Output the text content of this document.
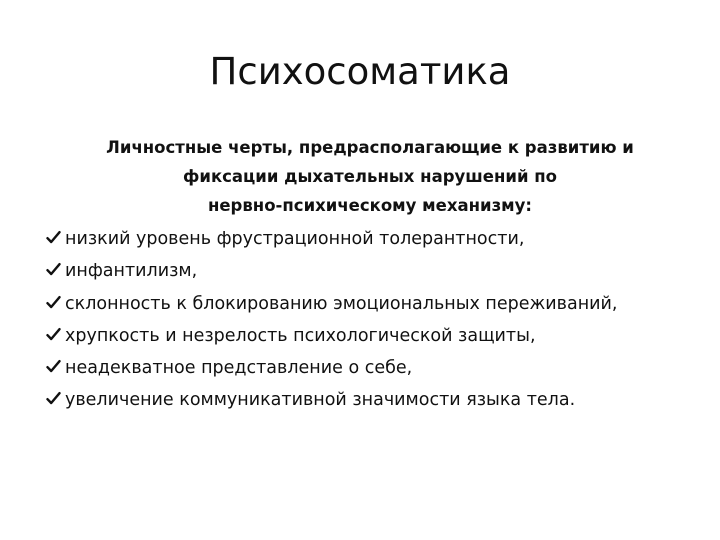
Психосоматика
Личностные черты, предрасполагающие к развитию и
фиксации дыхательных нарушений по
нервно-психическому механизму:
низкий уровень фрустрационной толерантности,
инфантилизм,
склонность к блокированию эмоциональных переживаний,
хрупкость и незрелость психологической защиты,
неадекватное представление о себе,
увеличение коммуникативной значимости языка тела.
